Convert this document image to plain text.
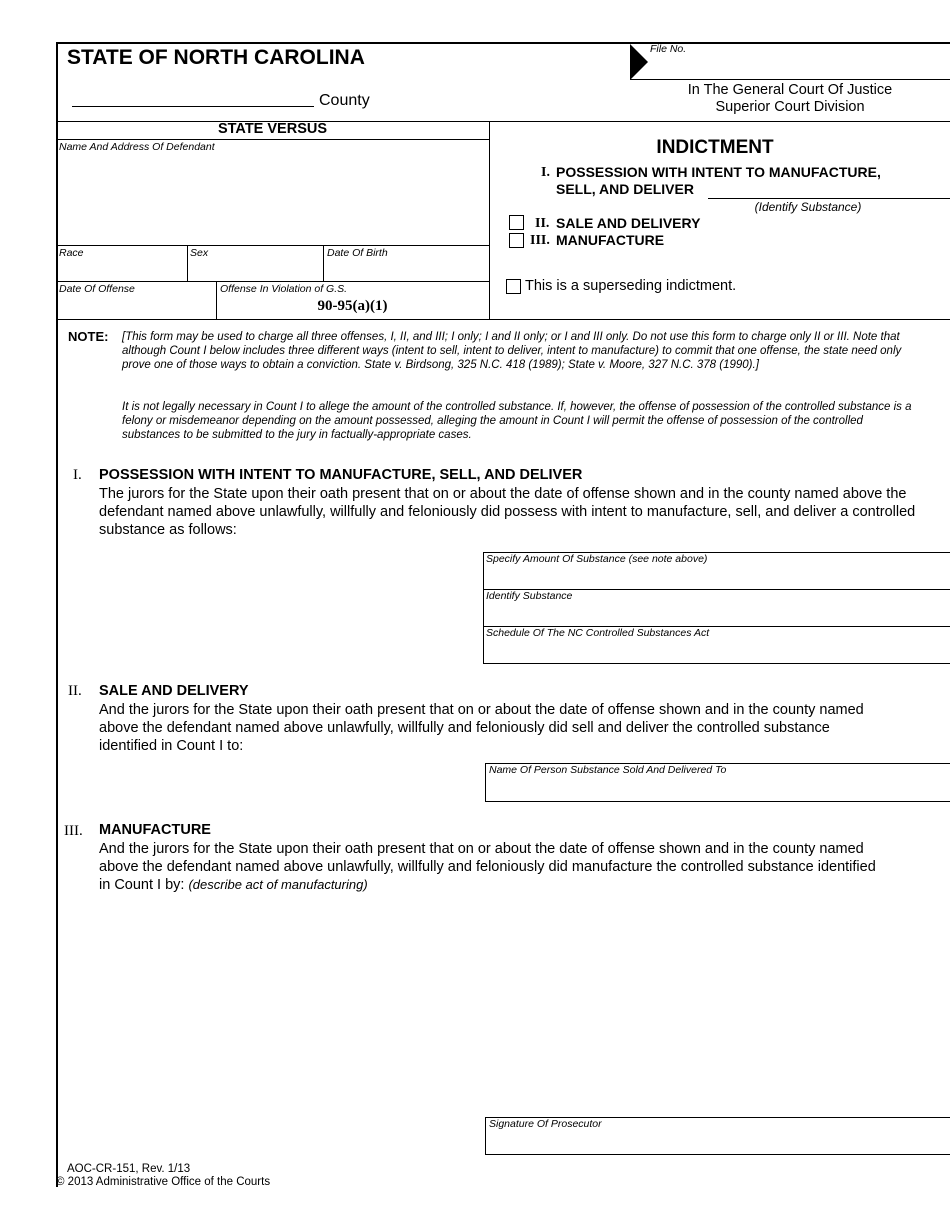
STATE OF NORTH CAROLINA
County
File No.
In The General Court Of Justice
Superior Court Division
STATE VERSUS
Name And Address Of Defendant
Race	Sex	Date Of Birth
Date Of Offense	Offense In Violation of G.S.
90-95(a)(1)
INDICTMENT
I. POSSESSION WITH INTENT TO MANUFACTURE,
SELL, AND DELIVER
(Identify Substance)
II. SALE AND DELIVERY
III. MANUFACTURE
This is a superseding indictment.
NOTE: [This form may be used to charge all three offenses, I, II, and III; I only; I and II only; or I and III only. Do not use this form to charge only II or III. Note that although Count I below includes three different ways (intent to sell, intent to deliver, intent to manufacture) to commit that one offense, the state need only prove one of those ways to obtain a conviction. State v. Birdsong, 325 N.C. 418 (1989); State v. Moore, 327 N.C. 378 (1990).]
It is not legally necessary in Count I to allege the amount of the controlled substance. If, however, the offense of possession of the controlled substance is a felony or misdemeanor depending on the amount possessed, alleging the amount in Count I will permit the offense of possession of the controlled substances to be submitted to the jury in factually-appropriate cases.
I. POSSESSION WITH INTENT TO MANUFACTURE, SELL, AND DELIVER
The jurors for the State upon their oath present that on or about the date of offense shown and in the county named above the defendant named above unlawfully, willfully and feloniously did possess with intent to manufacture, sell, and deliver a controlled substance as follows:
Specify Amount Of Substance (see note above)
Identify Substance
Schedule Of The NC Controlled Substances Act
II. SALE AND DELIVERY
And the jurors for the State upon their oath present that on or about the date of offense shown and in the county named above the defendant named above unlawfully, willfully and feloniously did sell and deliver the controlled substance identified in Count I to:
Name Of Person Substance Sold And Delivered To
III. MANUFACTURE
And the jurors for the State upon their oath present that on or about the date of offense shown and in the county named above the defendant named above unlawfully, willfully and feloniously did manufacture the controlled substance identified in Count I by: (describe act of manufacturing)
Signature Of Prosecutor
AOC-CR-151, Rev. 1/13
© 2013 Administrative Office of the Courts
